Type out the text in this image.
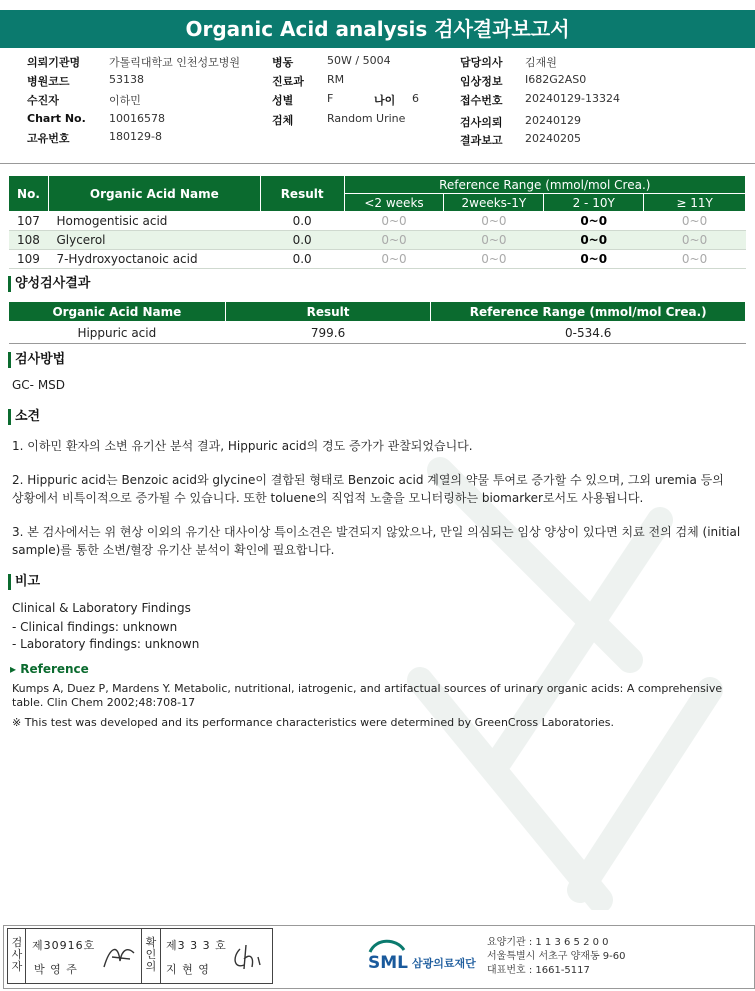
Organic Acid analysis 검사결과보고서
의뢰기관명	가톨릭대학교 인천성모병원
병원코드	53138
수진자	이하민
Chart No. 10016578
고유번호	180129-8
병동	50W / 5004
진료과 RM
성별	F	나이 6
검체	Random Urine
담당의사 김재원
임상정보 I682G2AS0
접수번호 20240129-13324
검사의뢰 20240129
결과보고 20240205
No.	Organic Acid Name	Result	Reference Range (mmol/mol Crea.)			
			<2 weeks	2weeks-1Y	2 - 10Y	≥ 11Y
107	Homogentisic acid	0.0	0~0	0~0	0~0	0~0
108	Glycerol	0.0	0~0	0~0	0~0	0~0
109	7-Hydroxyoctanoic acid	0.0	0~0	0~0	0~0	0~0
양성검사결과
Organic Acid Name	Result	Reference Range (mmol/mol Crea.)
Hippuric acid	799.6	0-534.6
검사방법
GC- MSD
소견
1. 이하민 환자의 소변 유기산 분석 결과, Hippuric acid의 경도 증가가 관찰되었습니다.
2. Hippuric acid는 Benzoic acid와 glycine이 결합된 형태로 Benzoic acid 계열의 약물 투여로 증가할 수 있으며, 그외 uremia 등의
상황에서 비특이적으로 증가될 수 있습니다. 또한 toluene의 직업적 노출을 모니터링하는 biomarker로서도 사용됩니다.
3. 본 검사에서는 위 현상 이외의 유기산 대사이상 특이소견은 발견되지 않았으나, 만일 의심되는 임상 양상이 있다면 치료 전의 검체 (initial
sample)를 통한 소변/혈장 유기산 분석이 확인에 필요합니다.
비고
Clinical & Laboratory Findings
- Clinical findings: unknown
- Laboratory findings: unknown
▸ Reference
Kumps A, Duez P, Mardens Y. Metabolic, nutritional, iatrogenic, and artifactual sources of urinary organic acids: A comprehensive
table. Clin Chem 2002;48:708-17
※ This test was developed and its performance characteristics were determined by GreenCross Laboratories.
검사자
제30916호
박 영 주
확인의
제3 3 3 호
지 현 영	SML 삼광의료재단
요양기관 : 1 1 3 6 5 2 0 0
서울특별시 서초구 양재동 9-60
대표번호 : 1661-5117
